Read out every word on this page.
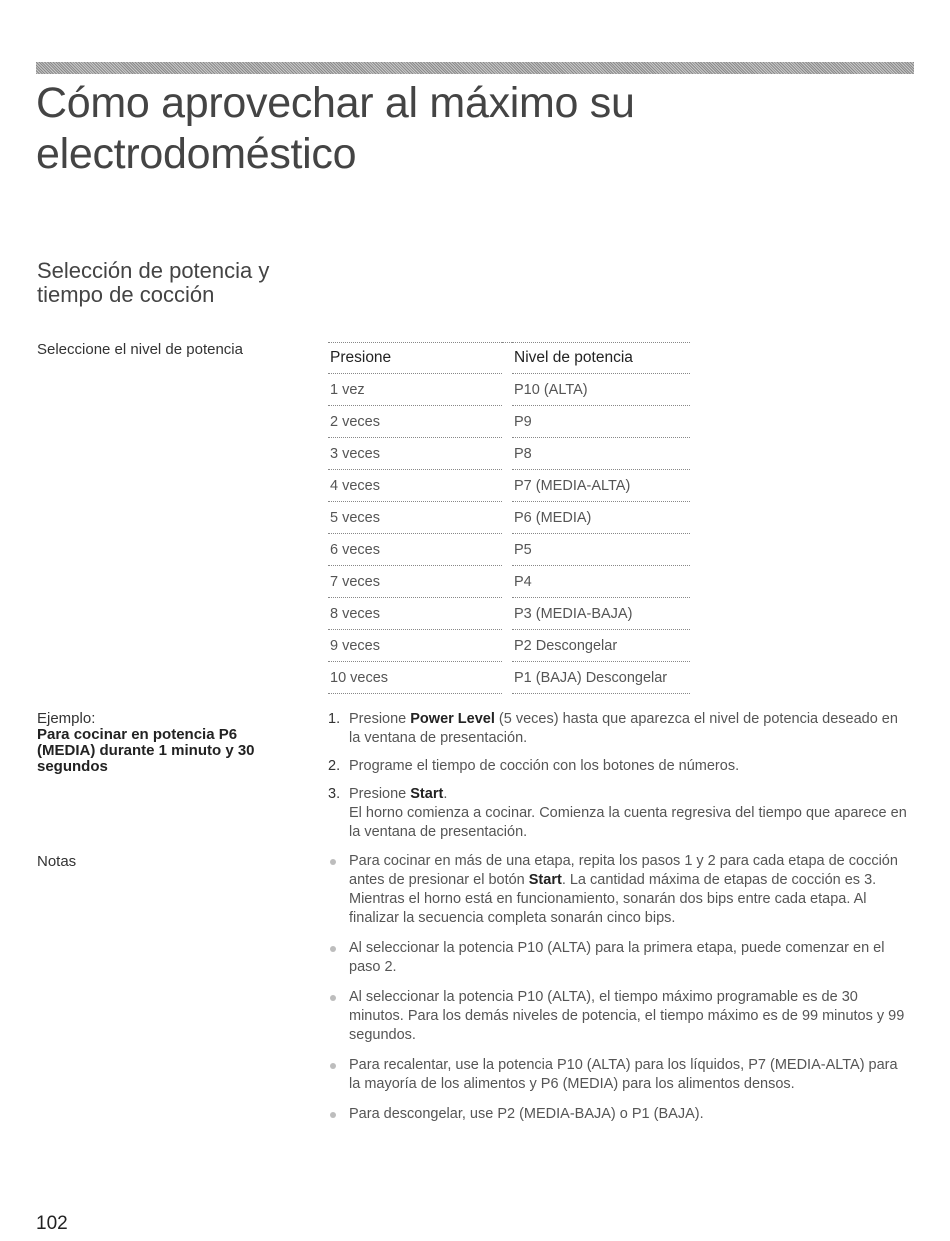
Cómo aprovechar al máximo su electrodoméstico
Selección de potencia y tiempo de cocción
Seleccione el nivel de potencia
Ejemplo:
Para cocinar en potencia P6 (MEDIA) durante 1 minuto y 30 segundos
Notas
Presione		Nivel de potencia
1 vez		P10 (ALTA)
2 veces		P9
3 veces		P8
4 veces		P7 (MEDIA-ALTA)
5 veces		P6 (MEDIA)
6 veces		P5
7 veces		P4
8 veces		P3 (MEDIA-BAJA)
9 veces		P2 Descongelar
10 veces		P1 (BAJA) Descongelar
1. Presione Power Level (5 veces) hasta que aparezca el nivel de potencia deseado en la ventana de presentación.
2. Programe el tiempo de cocción con los botones de números.
3. Presione Start.
El horno comienza a cocinar. Comienza la cuenta regresiva del tiempo que aparece en la ventana de presentación.
Para cocinar en más de una etapa, repita los pasos 1 y 2 para cada etapa de cocción antes de presionar el botón Start. La cantidad máxima de etapas de cocción es 3. Mientras el horno está en funcionamiento, sonarán dos bips entre cada etapa. Al finalizar la secuencia completa sonarán cinco bips.
Al seleccionar la potencia P10 (ALTA) para la primera etapa, puede comenzar en el paso 2.
Al seleccionar la potencia P10 (ALTA), el tiempo máximo programable es de 30 minutos. Para los demás niveles de potencia, el tiempo máximo es de 99 minutos y 99 segundos.
Para recalentar, use la potencia P10 (ALTA) para los líquidos, P7 (MEDIA-ALTA) para la mayoría de los alimentos y P6 (MEDIA) para los alimentos densos.
Para descongelar, use P2 (MEDIA-BAJA) o P1 (BAJA).
102
